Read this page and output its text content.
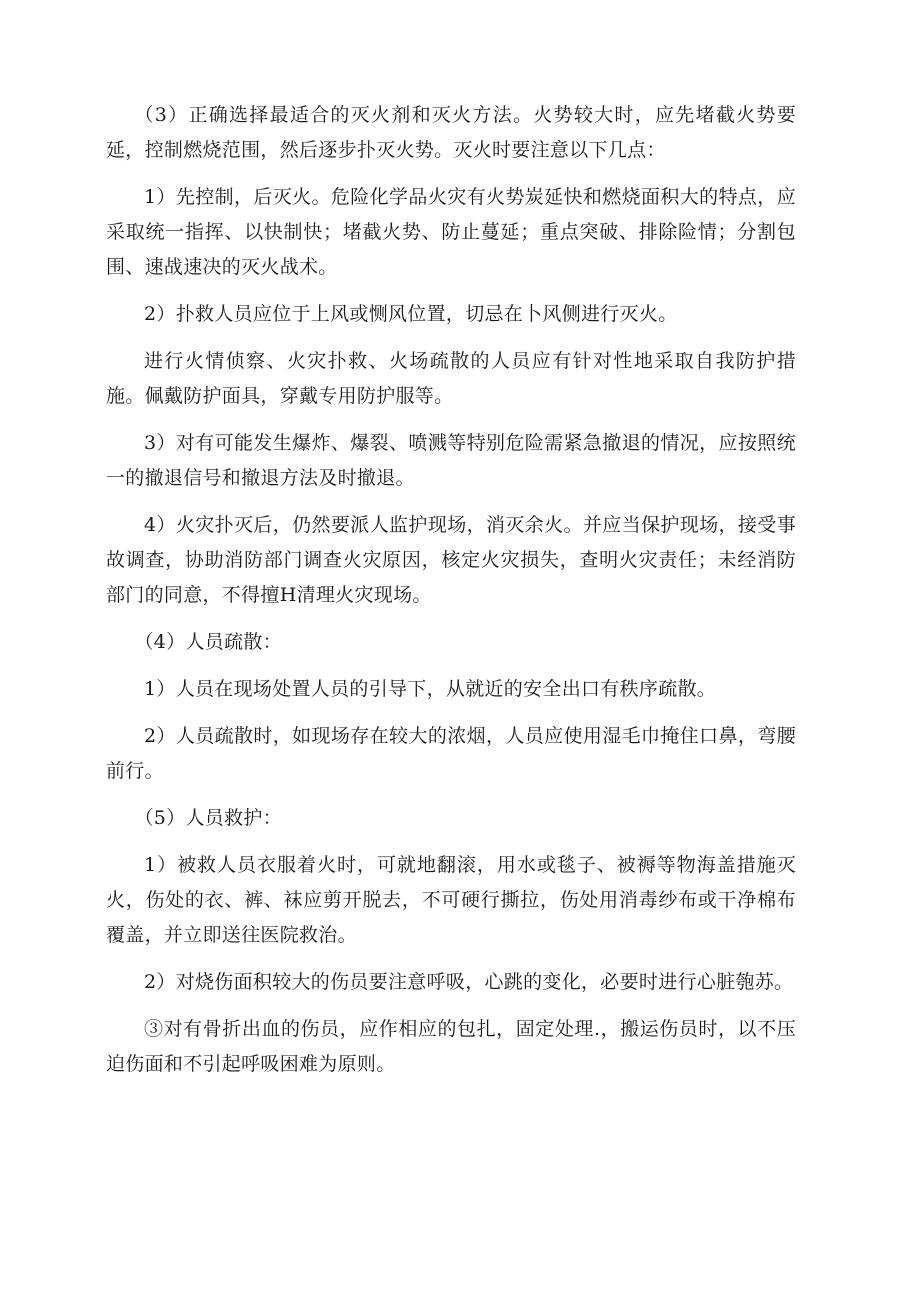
（3）正确选择最适合的灭火剂和灭火方法。火势较大时，应先堵截火势要延，控制燃烧范围，然后逐步扑灭火势。灭火时要注意以下几点：

1）先控制，后灭火。危险化学品火灾有火势炭延快和燃烧面积大的特点，应采取统一指挥、以快制快；堵截火势、防止蔓延；重点突破、排除险情；分割包围、速战速决的灭火战术。

2）扑救人员应位于上风或恻风位置，切忌在卜风侧进行灭火。

进行火情侦察、火灾扑救、火场疏散的人员应有针对性地采取自我防护措施。佩戴防护面具，穿戴专用防护服等。

3）对有可能发生爆炸、爆裂、喷溅等特别危险需紧急撤退的情况，应按照统一的撤退信号和撤退方法及时撤退。

4）火灾扑灭后，仍然要派人监护现场，消灭余火。并应当保护现场，接受事故调查，协助消防部门调查火灾原因，核定火灾损失，查明火灾责任；未经消防部门的同意，不得擅H清理火灾现场。

（4）人员疏散：

1）人员在现场处置人员的引导下，从就近的安全出口有秩序疏散。

2）人员疏散时，如现场存在较大的浓烟，人员应使用湿毛巾掩住口鼻，弯腰前行。

（5）人员救护：

1）被救人员衣服着火时，可就地翻滚，用水或毯子、被褥等物海盖措施灭火，伤处的衣、裤、袜应剪开脱去，不可硬行撕拉，伤处用消毒纱布或干净棉布覆盖，并立即送往医院救治。

2）对烧伤面积较大的伤员要注意呼吸，心跳的变化，必要时进行心脏匏苏。

③对有骨折出血的伤员，应作相应的包扎，固定处理.，搬运伤员时，以不压迫伤面和不引起呼吸困难为原则。
